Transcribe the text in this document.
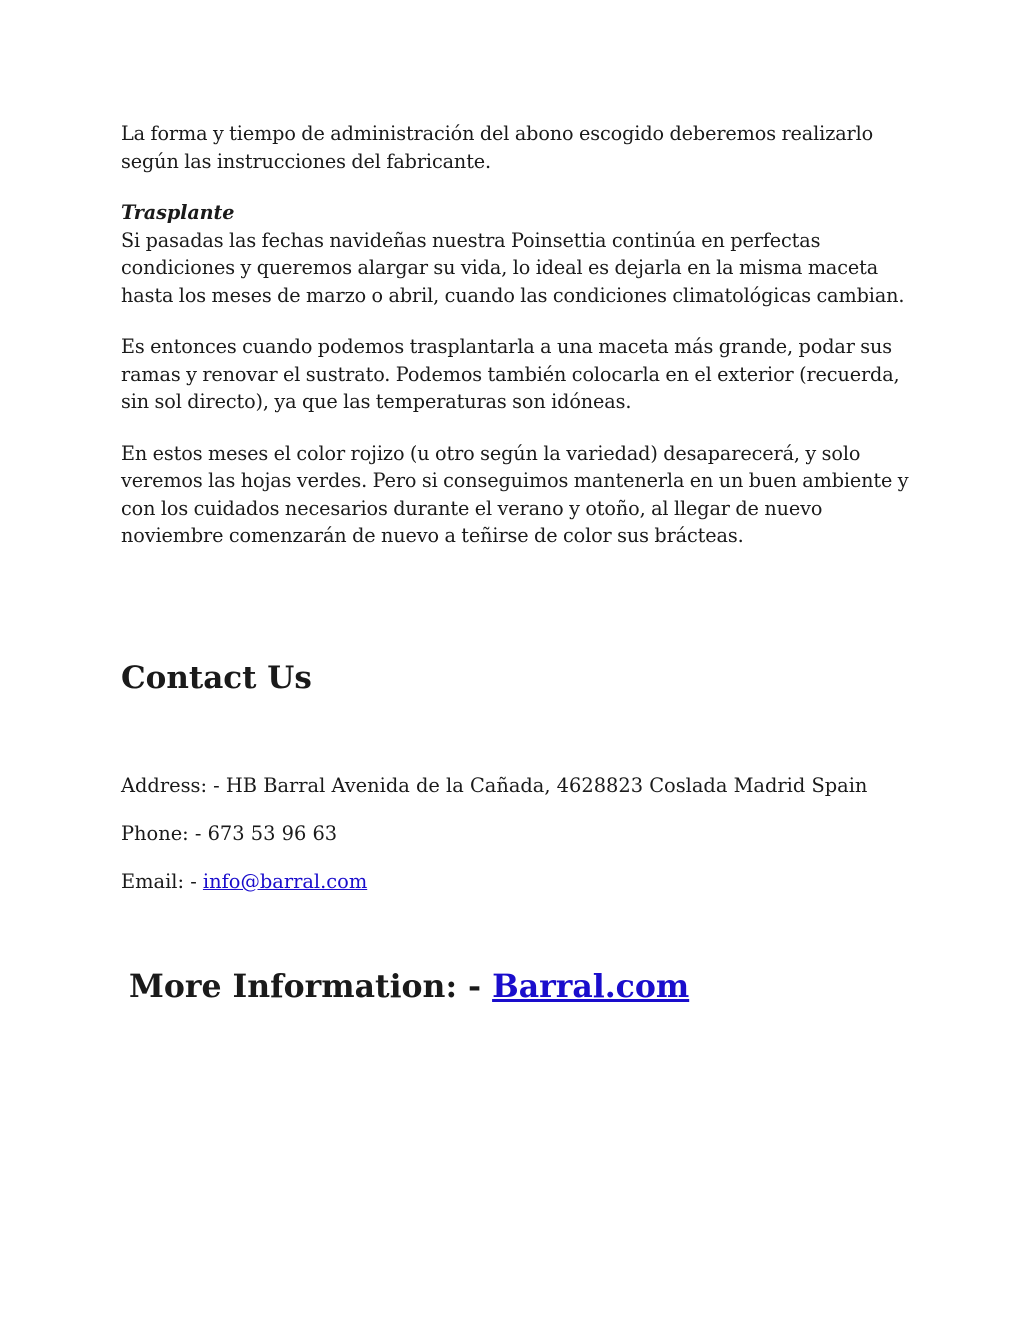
La forma y tiempo de administración del abono escogido deberemos realizarlo según las instrucciones del fabricante.

Trasplante
Si pasadas las fechas navideñas nuestra Poinsettia continúa en perfectas condiciones y queremos alargar su vida, lo ideal es dejarla en la misma maceta hasta los meses de marzo o abril, cuando las condiciones climatológicas cambian.

Es entonces cuando podemos trasplantarla a una maceta más grande, podar sus ramas y renovar el sustrato. Podemos también colocarla en el exterior (recuerda, sin sol directo), ya que las temperaturas son idóneas.

En estos meses el color rojizo (u otro según la variedad) desaparecerá, y solo veremos las hojas verdes. Pero si conseguimos mantenerla en un buen ambiente y con los cuidados necesarios durante el verano y otoño, al llegar de nuevo noviembre comenzarán de nuevo a teñirse de color sus brácteas.

Contact Us

Address: - HB Barral Avenida de la Cañada, 4628823 Coslada Madrid Spain

Phone: - 673 53 96 63

Email: - info@barral.com

More Information: - Barral.com
